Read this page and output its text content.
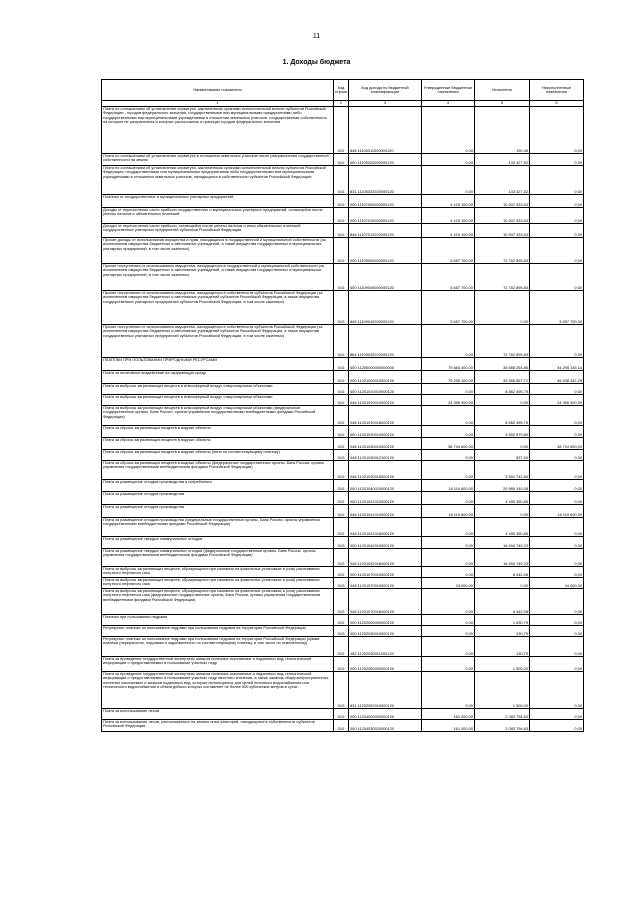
11
1. Доходы бюджета
Наименование показателя	Код строки	Код дохода по бюджетной классификации	Утвержденные бюджетные назначения	Исполнено	Неисполненные назначения
1	2	3	4	5	6
Плата по соглашениям об установлении сервитута, заключенным органами исполнительной власти субъектов Российской Федерации - городов федерального значения, государственными или муниципальными предприятиями либо государственными или муниципальными учреждениями в отношении земельных участков, государственная собственность на которые не разграничена и которые расположены в границах городов федерального значения	010	848 11105311020000120	0,00	190,45	0,00
Плата по соглашениям об установлении сервитута в отношении земельных участков после разграничения государственной собственности на землю	010	000 11105320000000120	0,00	133 427,52	0,00
Плата по соглашениям об установлении сервитута, заключенным органами исполнительной власти субъектов Российской Федерации, государственными или муниципальными предприятиями либо государственными или муниципальными учреждениями в отношении земельных участков, находящихся в собственности субъектов Российской Федерации	010	831 11105322020000120	0,00	133 427,52	0,00
Платежи от государственных и муниципальных унитарных предприятий	010	000 11107000000000120	4 419 100,00	10 947 433,63	0,00
Доходы от перечисления части прибыли государственных и муниципальных унитарных предприятий, остающейся после уплаты налогов и обязательных платежей	010	000 11107010000000120	4 419 100,00	10 947 433,63	0,00
Доходы от перечисления части прибыли, остающейся после уплаты налогов и иных обязательных платежей государственных унитарных предприятий субъектов Российской Федерации	010	848 11107012020000120	4 419 100,00	10 947 433,63	0,00
Прочие доходы от использования имущества и прав, находящихся в государственной и муниципальной собственности (за исключением имущества бюджетных и автономных учреждений, а также имущества государственных и муниципальных унитарных предприятий, в том числе казенных)	010	000 11109000000000120	3 657 700,00	72 782 895,83	0,00
Прочие поступления от использования имущества, находящегося в государственной и муниципальной собственности (за исключением имущества бюджетных и автономных учреждений, а также имущества государственных и муниципальных унитарных предприятий, в том числе казенных)	010	000 11109040000000120	3 657 700,00	72 782 895,83	0,00
Прочие поступления от использования имущества, находящегося в собственности субъектов Российской Федерации (за исключением имущества бюджетных и автономных учреждений субъектов Российской Федерации, а также имущества государственных унитарных предприятий субъектов Российской Федерации, в том числе казенных)	010	845 11109042020000120	3 657 700,00	0,00	3 657 700,00
Прочие поступления от использования имущества, находящегося в собственности субъектов Российской Федерации (за исключением имущества бюджетных и автономных учреждений субъектов Российской Федерации, а также имущества государственных унитарных предприятий субъектов Российской Федерации, в том числе казенных)	010	864 11109042020000120	0,00	72 782 895,83	0,00
ПЛАТЕЖИ ПРИ ПОЛЬЗОВАНИИ ПРИРОДНЫМИ РЕСУРСАМИ	010	000 11200000000000000	79 883 400,00	35 588 254,86	44 295 145,14
Плата за негативное воздействие на окружающую среду	010	000 11201000010000120	79 295 100,00	33 356 657,71	45 938 442,29
Плата за выбросы загрязняющих веществ в атмосферный воздух стационарными объектами	010	000 11201010010000120	0,00	8 862 495,75	0,00
Плата за выбросы загрязняющих веществ в атмосферный воздух стационарными объектами	010	048 11201010010000120	24 356 900,00	0,00	24 356 900,00
Плата за выбросы загрязняющих веществ в атмосферный воздух стационарными объектами (федеральные государственные органы, Банк России, органы управления государственными внебюджетными фондами Российской Федерации)	010	048 11201010016000120	0,00	8 862 495,75	0,00
Плата за сбросы загрязняющих веществ в водные объекты	010	000 11201030010000120	0,00	3 502 579,80	0,00
Плата за сбросы загрязняющих веществ в водные объекты	010	048 11201030010000120	38 794 600,00	0,00	38 794 600,00
Плата за сбросы загрязняющих веществ в водные объекты (пени по соответствующему платежу)	010	048 11201030012100120	0,00	837,00	0,00
Плата за сбросы загрязняющих веществ в водные объекты (федеральные государственные органы, Банк России, органы управления государственными внебюджетными фондами Российской Федерации)	010	048 11201030016000120	0,00	3 501 742,80	0,00
Плата за размещение отходов производства и потребления	010	000 11201040010000120	16 119 600,00	20 985 140,08	0,00
Плата за размещение отходов производства	010	000 11201041010000120	0,00	4 490 390,85	0,00
Плата за размещение отходов производства	010	048 11201041010000120	16 119 600,00	0,00	16 119 600,00
Плата за размещение отходов производства (федеральные государственные органы, Банк России, органы управления государственными внебюджетными фондами Российской Федерации)	010	048 11201041016000120	0,00	4 490 390,85	0,00
Плата за размещение твердых коммунальных отходов	010	000 11201042010000120	0,00	16 494 749,23	0,00
Плата за размещение твердых коммунальных отходов (федеральные государственные органы, Банк России, органы управления государственными внебюджетными фондами Российской Федерации)	010	048 11201042016000120	0,00	16 494 749,23	0,00
Плата за выбросы загрязняющих веществ, образующихся при сжигании на факельных установках и (или) рассеивании попутного нефтяного газа	010	000 11201070010000120	0,00	6 442,08	0,00
Плата за выбросы загрязняющих веществ, образующихся при сжигании на факельных установках и (или) рассеивании попутного нефтяного газа	010	048 11201070010000120	24 000,00	0,00	24 000,00
Плата за выбросы загрязняющих веществ, образующихся при сжигании на факельных установках и (или) рассеивании попутного нефтяного газа (федеральные государственные органы, Банк России, органы управления государственными внебюджетными фондами Российской Федерации)	010	048 11201070016000120	0,00	6 442,08	0,00
Платежи при пользовании недрами	010	000 11202000000000120	0,00	1 630,79	0,00
Регулярные платежи за пользование недрами при пользовании недрами на территории Российской Федерации	010	000 11202030010000120	0,00	130,79	0,00
Регулярные платежи за пользование недрами при пользовании недрами на территории Российской Федерации (сумма платежа (перерасчеты, недоимка и задолженность по соответствующему платежу, в том числе по отмененному)	010	182 11202030011000120	0,00	130,79	0,00
Плата за проведение государственной экспертизы запасов полезных ископаемых и подземных вод, геологической информации о предоставляемых в пользование участках недр	010	000 11202050000000120	0,00	1 500,00	0,00
Плата за проведение государственной экспертизы запасов полезных ископаемых и подземных вод, геологической информации о предоставляемых в пользование участках недр местного значения, а также запасов общераспространенных полезных ископаемых и запасов подземных вод, которые используются для целей питьевого водоснабжения или технического водоснабжения и объем добычи которых составляет не более 500 кубических метров в сутки	010	831 11202052010000120	0,00	1 500,00	0,00
Плата за использование лесов	010	000 11204000000000120	161 000,00	2 083 794,63	0,00
Плата за использование лесов, расположенных на землях иных категорий, находящихся в собственности субъектов Российской Федерации	010	000 11204030020000120	161 000,00	2 083 794,63	0,00
